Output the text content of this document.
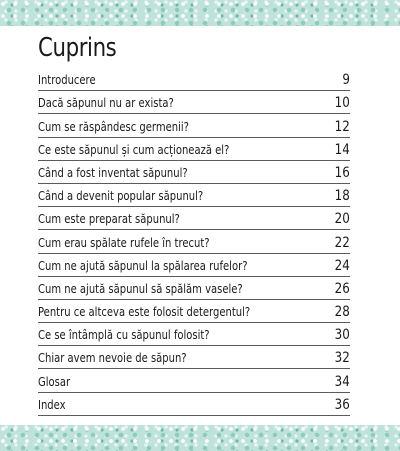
Cuprins
Introducere	9
Dacă săpunul nu ar exista?	10
Cum se răspândesc germenii?	12
Ce este săpunul și cum acționează el?	14
Când a fost inventat săpunul?	16
Când a devenit popular săpunul?	18
Cum este preparat săpunul?	20
Cum erau spălate rufele în trecut?	22
Cum ne ajută săpunul la spălarea rufelor?	24
Cum ne ajută săpunul să spălăm vasele?	26
Pentru ce altceva este folosit detergentul?	28
Ce se întâmplă cu săpunul folosit?	30
Chiar avem nevoie de săpun?	32
Glosar	34
Index	36
